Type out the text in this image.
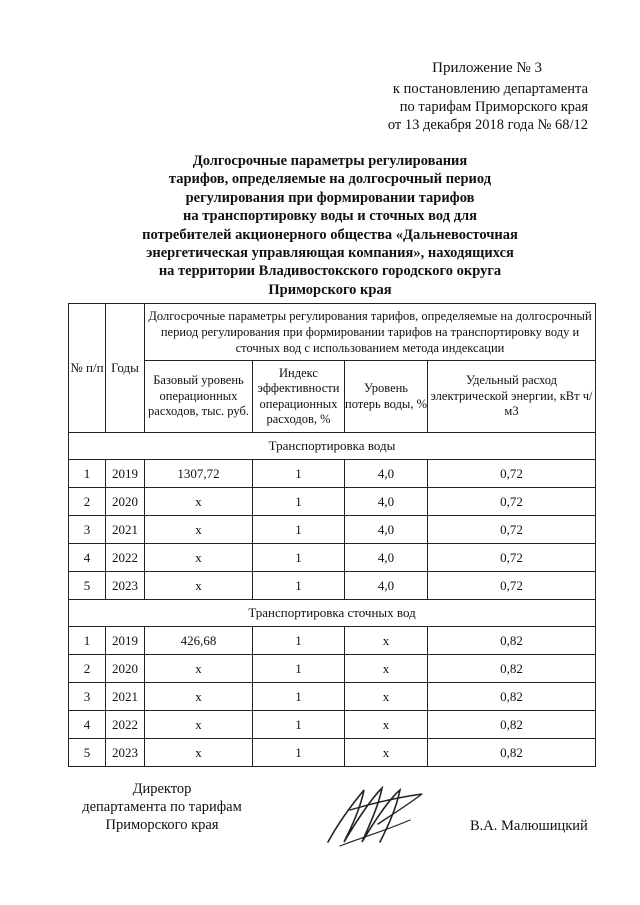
Приложение № 3
к постановлению департамента
по тарифам Приморского края
от 13 декабря 2018 года № 68/12
Долгосрочные параметры регулирования
тарифов, определяемые на долгосрочный период
регулирования при формировании тарифов
на транспортировку воды и сточных вод для
потребителей акционерного общества «Дальневосточная
энергетическая управляющая компания», находящихся
на территории Владивостокского городского округа
Приморского края
№ п/п	Годы	Долгосрочные параметры регулирования тарифов, определяемые на долгосрочный период регулирования при формировании тарифов на транспортировку воду и сточных вод с использованием метода индексации			
		Базовый уровень операционных расходов, тыс. руб.	Индекс эффективности операционных расходов, %	Уровень потерь воды, %	Удельный расход электрической энергии, кВт ч/м3
Транспортировка воды					
1	2019	1307,72	1	4,0	0,72
2	2020	х	1	4,0	0,72
3	2021	х	1	4,0	0,72
4	2022	х	1	4,0	0,72
5	2023	х	1	4,0	0,72
Транспортировка сточных вод					
1	2019	426,68	1	х	0,82
2	2020	х	1	х	0,82
3	2021	х	1	х	0,82
4	2022	х	1	х	0,82
5	2023	х	1	х	0,82
Директор
департамента по тарифам
Приморского края	В.А. Малюшицкий
